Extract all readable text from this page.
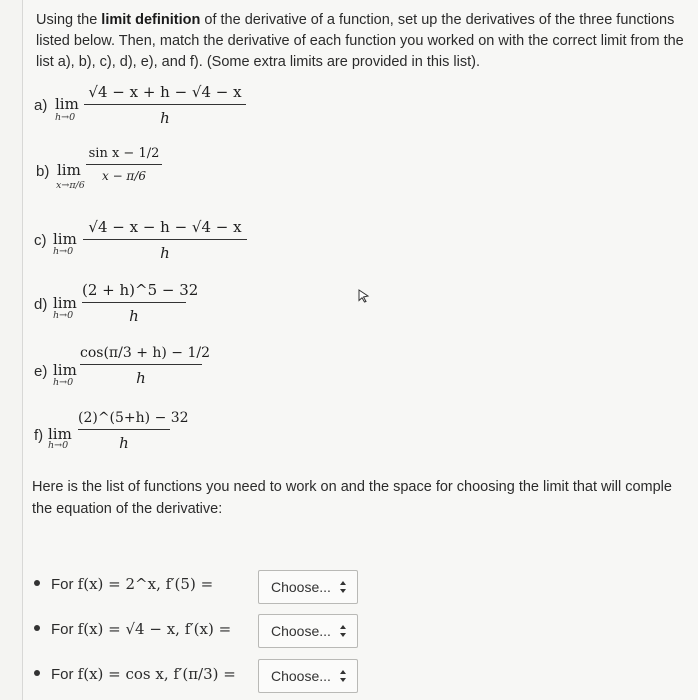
Using the limit definition of the derivative of a function, set up the derivatives of the three functions
listed below. Then, match the derivative of each function you worked on with the correct limit from the
list a), b), c), d), e), and f). (Some extra limits are provided in this list).
a) lim
h→0
√4 − x + h − √4 − x
h
b) lim
x→π/6
sin x − 1/2
x − π/6
c) lim
h→0
√4 − x − h − √4 − x
h
d) lim
h→0
(2 + h)^5 − 32
h
e) lim
h→0
cos(π/3 + h) − 1/2
h
f) lim
h→0
(2)^(5+h) − 32
h
Here is the list of functions you need to work on and the space for choosing the limit that will comple
the equation of the derivative:
For f(x) = 2^x, f′(5) =	Choose...
For f(x) = √4 − x, f′(x) =	Choose...
For f(x) = cos x, f′(π/3) =	Choose...
